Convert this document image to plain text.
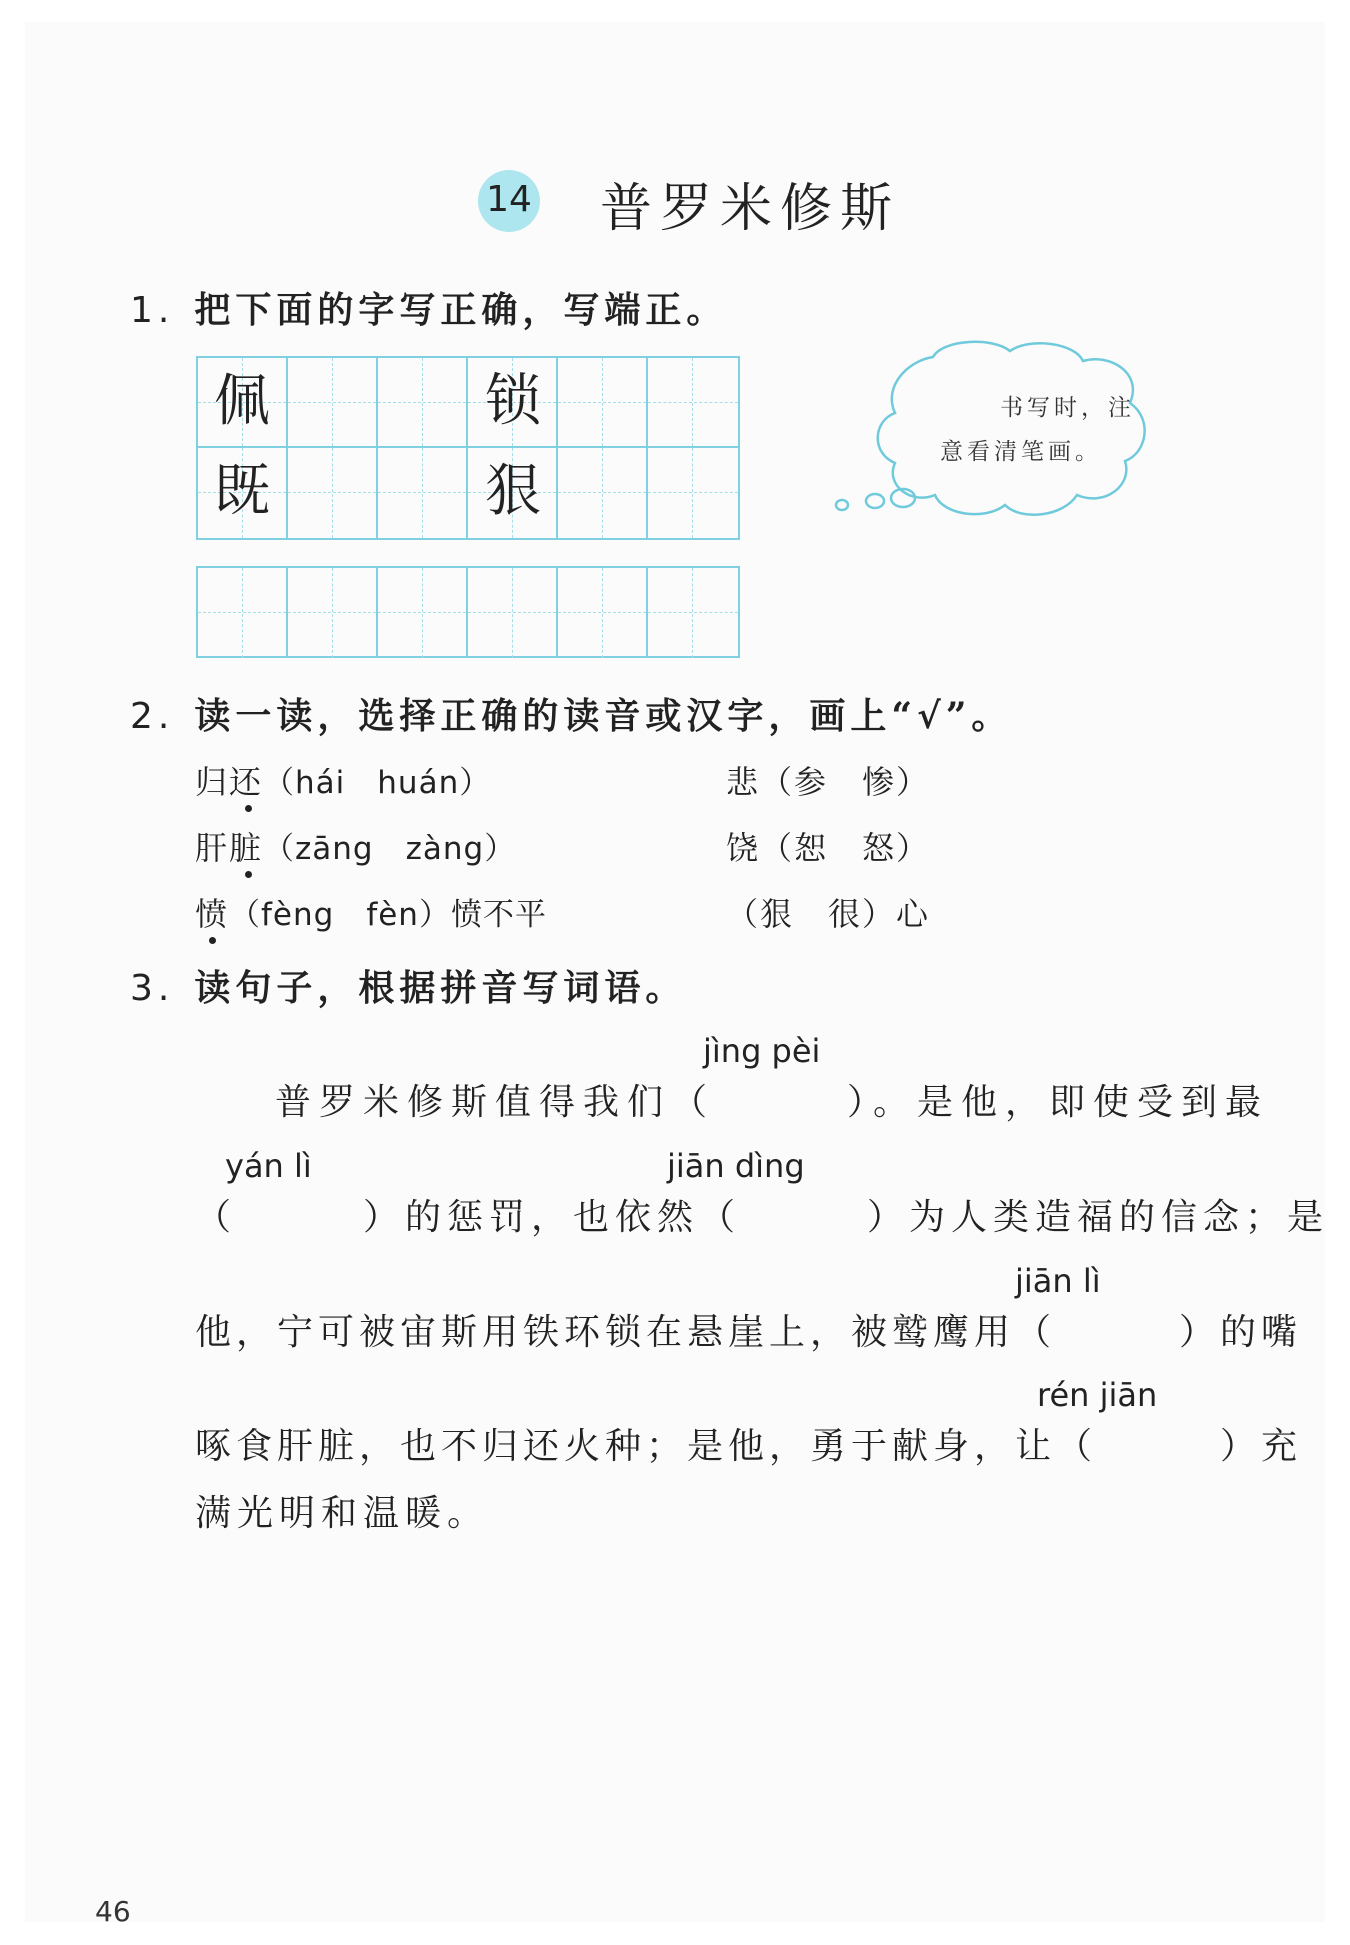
14 普罗米修斯
1. 把下面的字写正确，写端正。
佩	锁
既	狠
书写时，注
意看清笔画。
2. 读一读，选择正确的读音或汉字，画上“√”。
归还（hái　huán）
肝脏（zāng　zàng）
愤（fèng　fèn）愤不平
悲（参　惨）
饶（恕　怒）
（狠　很）心
3. 读句子，根据拼音写词语。
jìng pèi
普罗米修斯值得我们（　　　）。是他，即使受到最
yán lì	jiān dìng
（　　　）的惩罚，也依然（　　　）为人类造福的信念；是
jiān lì
他，宁可被宙斯用铁环锁在悬崖上，被鹫鹰用（　　　）的嘴
rén jiān
啄食肝脏，也不归还火种；是他，勇于献身，让（　　　）充
满光明和温暖。
46
